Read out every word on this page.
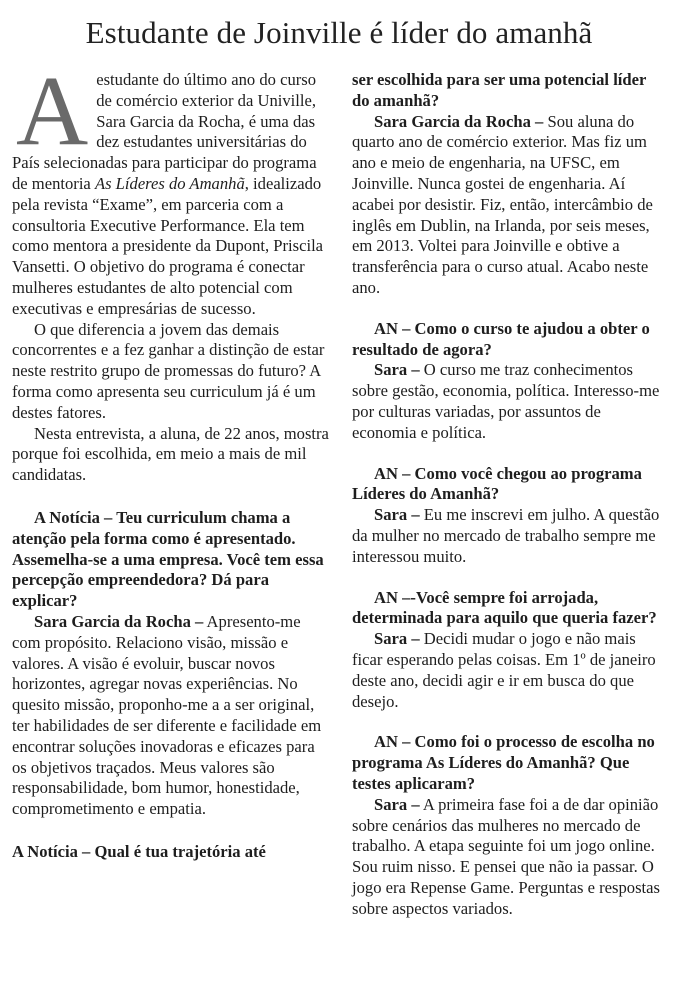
Estudante de Joinville é líder do amanhã

Aestudante do último ano do curso de comércio exterior da Univille, Sara Garcia da Rocha, é uma das dez estudantes universitárias do País selecionadas para participar do programa de mentoria As Líderes do Amanhã, idealizado pela revista “Exame”, em parceria com a consultoria Executive Performance. Ela tem como mentora a presidente da Dupont, Priscila Vansetti. O objetivo do programa é conectar mulheres estudantes de alto potencial com executivas e empresárias de sucesso.

O que diferencia a jovem das demais concorrentes e a fez ganhar a distinção de estar neste restrito grupo de promessas do futuro? A forma como apresenta seu curriculum já é um destes fatores.

Nesta entrevista, a aluna, de 22 anos, mostra porque foi escolhida, em meio a mais de mil candidatas.

A Notícia – Teu curriculum chama a atenção pela forma como é apresentado. Assemelha-se a uma empresa. Você tem essa percepção empreendedora? Dá para explicar?

Sara Garcia da Rocha – Apresento-me com propósito. Relaciono visão, missão e valores. A visão é evoluir, buscar novos horizontes, agregar novas experiências. No quesito missão, proponho-me a a ser original, ter habilidades de ser diferente e facilidade em encontrar soluções inovadoras e eficazes para os objetivos traçados. Meus valores são responsabilidade, bom humor, honestidade, comprometimento e empatia.

A Notícia – Qual é tua trajetória até

ser escolhida para ser uma potencial líder do amanhã?

Sara Garcia da Rocha – Sou aluna do quarto ano de comércio exterior. Mas fiz um ano e meio de engenharia, na UFSC, em Joinville. Nunca gostei de engenharia. Aí acabei por desistir. Fiz, então, intercâmbio de inglês em Dublin, na Irlanda, por seis meses, em 2013. Voltei para Joinville e obtive a transferência para o curso atual. Acabo neste ano.

AN – Como o curso te ajudou a obter o resultado de agora?

Sara – O curso me traz conhecimentos sobre gestão, economia, política. Interesso-me por culturas variadas, por assuntos de economia e política.

AN – Como você chegou ao programa Líderes do Amanhã?

Sara – Eu me inscrevi em julho. A questão da mulher no mercado de trabalho sempre me interessou muito.

AN –-Você sempre foi arrojada, determinada para aquilo que queria fazer?

Sara – Decidi mudar o jogo e não mais ficar esperando pelas coisas. Em 1º de janeiro deste ano, decidi agir e ir em busca do que desejo.

AN – Como foi o processo de escolha no programa As Líderes do Amanhã? Que testes aplicaram?

Sara – A primeira fase foi a de dar opinião sobre cenários das mulheres no mercado de trabalho. A etapa seguinte foi um jogo online. Sou ruim nisso. E pensei que não ia passar. O jogo era Repense Game. Perguntas e respostas sobre aspectos variados.
